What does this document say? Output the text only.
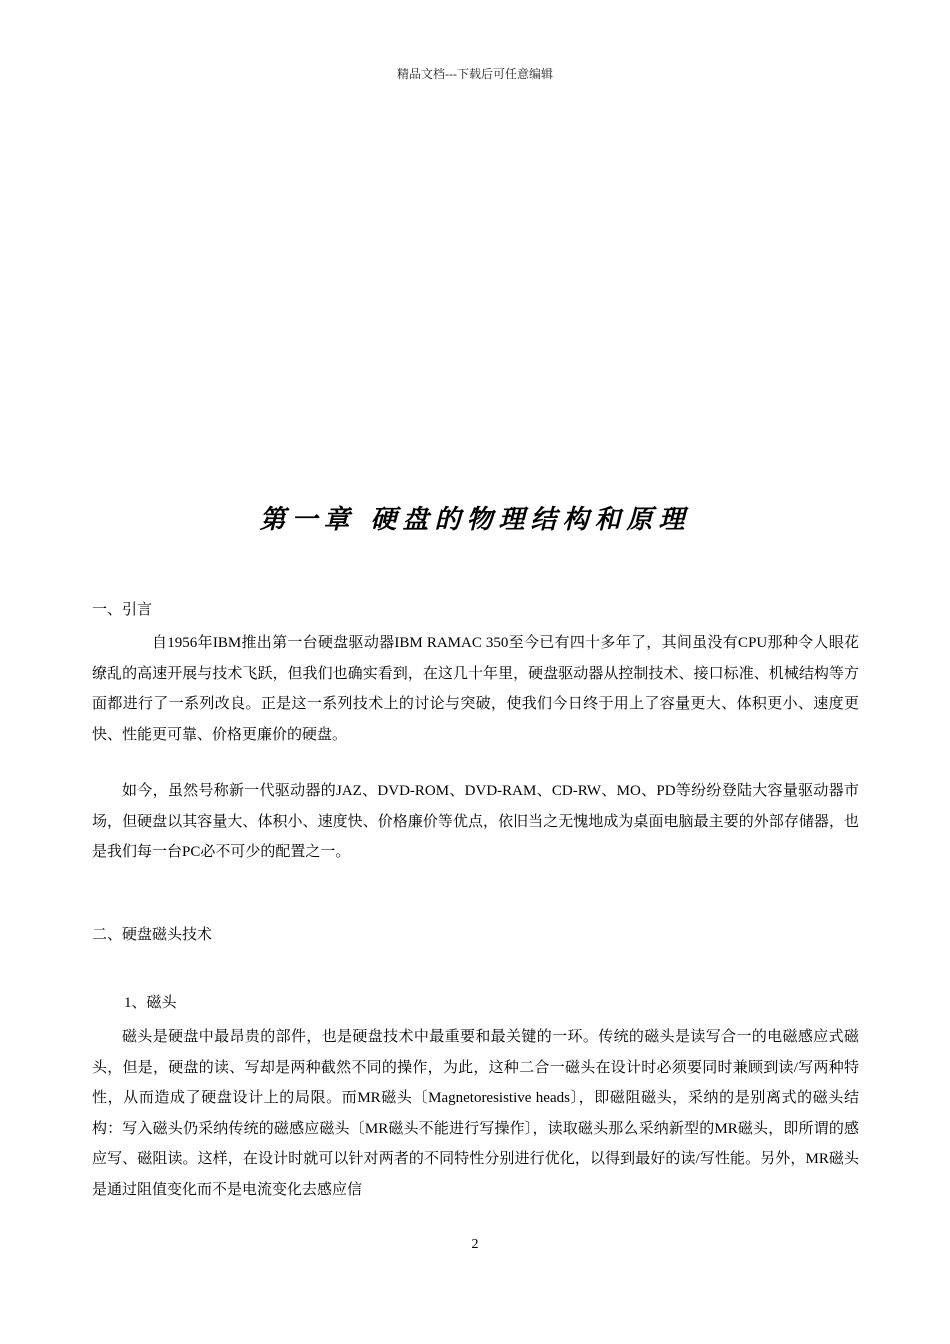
精品文档---下载后可任意编辑
第一章 硬盘的物理结构和原理
一、引言
自1956年IBM推出第一台硬盘驱动器IBM RAMAC 350至今已有四十多年了，其间虽没有CPU那种令人眼花缭乱的高速开展与技术飞跃，但我们也确实看到，在这几十年里，硬盘驱动器从控制技术、接口标准、机械结构等方面都进行了一系列改良。正是这一系列技术上的讨论与突破，使我们今日终于用上了容量更大、体积更小、速度更快、性能更可靠、价格更廉价的硬盘。
如今，虽然号称新一代驱动器的JAZ、DVD-ROM、DVD-RAM、CD-RW、MO、PD等纷纷登陆大容量驱动器市场，但硬盘以其容量大、体积小、速度快、价格廉价等优点，依旧当之无愧地成为桌面电脑最主要的外部存储器，也是我们每一台PC必不可少的配置之一。
二、硬盘磁头技术
1、磁头
磁头是硬盘中最昂贵的部件，也是硬盘技术中最重要和最关键的一环。传统的磁头是读写合一的电磁感应式磁头，但是，硬盘的读、写却是两种截然不同的操作，为此，这种二合一磁头在设计时必须要同时兼顾到读/写两种特性，从而造成了硬盘设计上的局限。而MR磁头〔Magnetoresistive heads〕，即磁阻磁头，采纳的是别离式的磁头结构：写入磁头仍采纳传统的磁感应磁头〔MR磁头不能进行写操作〕，读取磁头那么采纳新型的MR磁头，即所谓的感应写、磁阻读。这样，在设计时就可以针对两者的不同特性分别进行优化，以得到最好的读/写性能。另外，MR磁头是通过阻值变化而不是电流变化去感应信
2
